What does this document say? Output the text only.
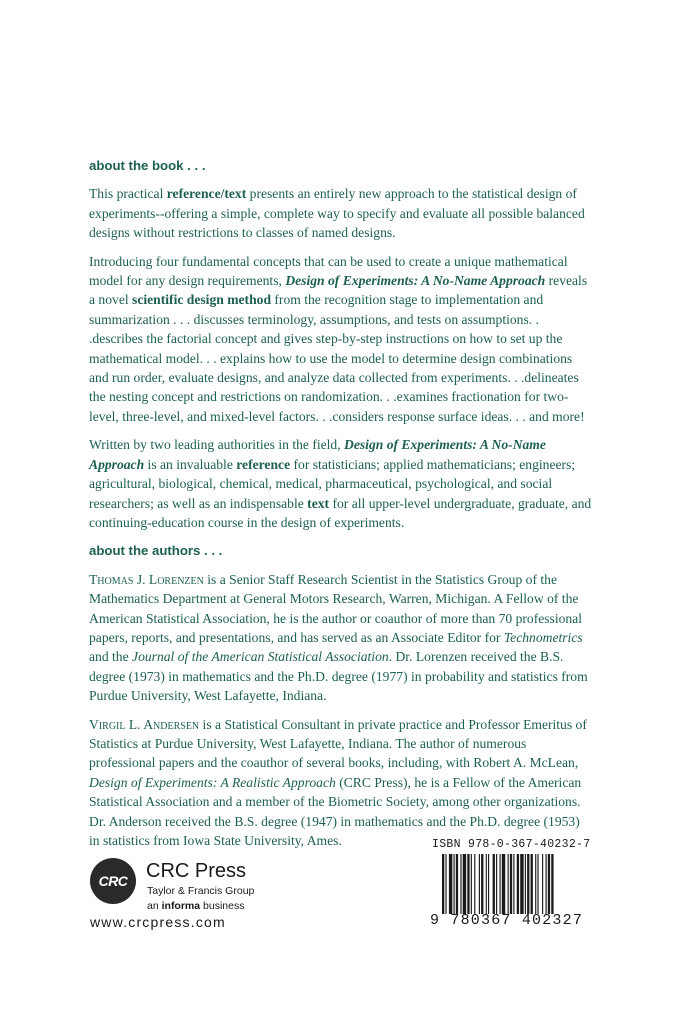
about the book . . .

This practical reference/text presents an entirely new approach to the statistical design of experiments--offering a simple, complete way to specify and evaluate all possible balanced designs without restrictions to classes of named designs.

Introducing four fundamental concepts that can be used to create a unique mathematical model for any design requirements, Design of Experiments: A No-Name Approach reveals a novel scientific design method from the recognition stage to implementation and summarization . . . discusses terminology, assumptions, and tests on assumptions. . .describes the factorial concept and gives step-by-step instructions on how to set up the mathematical model. . . explains how to use the model to determine design combinations and run order, evaluate designs, and analyze data collected from experiments. . .delineates the nesting concept and restrictions on randomization. . .examines fractionation for two-level, three-level, and mixed-level factors. . .considers response surface ideas. . . and more!

Written by two leading authorities in the field, Design of Experiments: A No-Name Approach is an invaluable reference for statisticians; applied mathematicians; engineers; agricultural, biological, chemical, medical, pharmaceutical, psychological, and social researchers; as well as an indispensable text for all upper-level undergraduate, graduate, and continuing-education course in the design of experiments.

about the authors . . .

Thomas J. Lorenzen is a Senior Staff Research Scientist in the Statistics Group of the Mathematics Department at General Motors Research, Warren, Michigan. A Fellow of the American Statistical Association, he is the author or coauthor of more than 70 professional papers, reports, and presentations, and has served as an Associate Editor for Technometrics and the Journal of the American Statistical Association. Dr. Lorenzen received the B.S. degree (1973) in mathematics and the Ph.D. degree (1977) in probability and statistics from Purdue University, West Lafayette, Indiana.

Virgil L. Andersen is a Statistical Consultant in private practice and Professor Emeritus of Statistics at Purdue University, West Lafayette, Indiana. The author of numerous professional papers and the coauthor of several books, including, with Robert A. McLean, Design of Experiments: A Realistic Approach (CRC Press), he is a Fellow of the American Statistical Association and a member of the Biometric Society, among other organizations. Dr. Anderson received the B.S. degree (1947) in mathematics and the Ph.D. degree (1953) in statistics from Iowa State University, Ames.

CRC CRC Press
Taylor & Francis Group
an informa business
www.crcpress.com
ISBN 978-0-367-40232-7
9 780367 402327
